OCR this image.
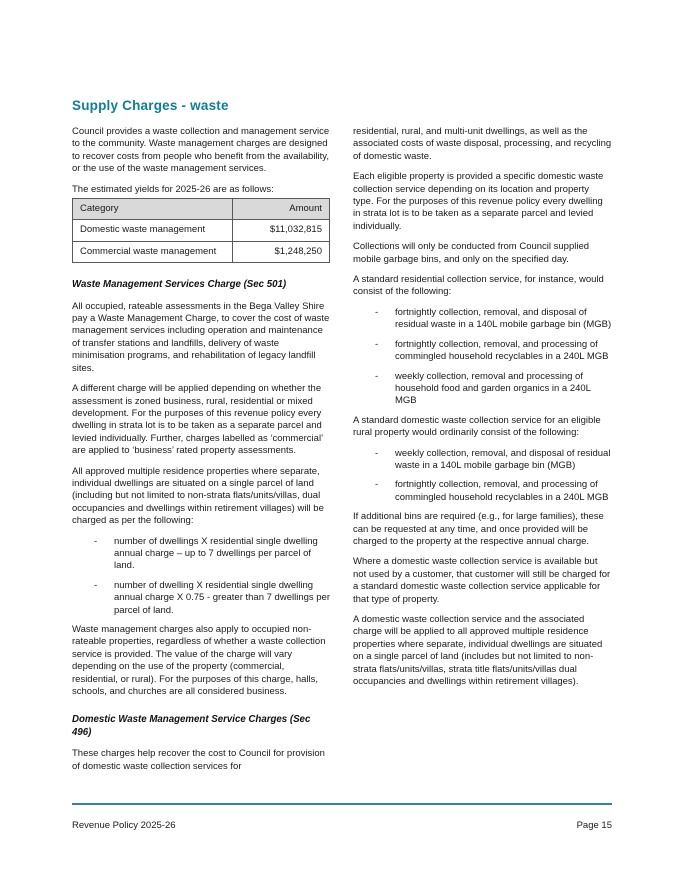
Supply Charges - waste

Council provides a waste collection and management service to the community. Waste management charges are designed to recover costs from people who benefit from the availability, or the use of the waste management services.

The estimated yields for 2025-26 are as follows:

Category	Amount
Domestic waste management	$11,032,815
Commercial waste management	$1,248,250
Waste Management Services Charge (Sec 501)

All occupied, rateable assessments in the Bega Valley Shire pay a Waste Management Charge, to cover the cost of waste management services including operation and maintenance of transfer stations and landfills, delivery of waste minimisation programs, and rehabilitation of legacy landfill sites.

A different charge will be applied depending on whether the assessment is zoned business, rural, residential or mixed development. For the purposes of this revenue policy every dwelling in strata lot is to be taken as a separate parcel and levied individually. Further, charges labelled as ‘commercial’ are applied to ‘business’ rated property assessments.

All approved multiple residence properties where separate, individual dwellings are situated on a single parcel of land (including but not limited to non-strata flats/units/villas, dual occupancies and dwellings within retirement villages) will be charged as per the following:

- number of dwellings X residential single dwelling annual charge – up to 7 dwellings per parcel of land.
- number of dwelling X residential single dwelling annual charge X 0.75 - greater than 7 dwellings per parcel of land.

Waste management charges also apply to occupied non-rateable properties, regardless of whether a waste collection service is provided. The value of the charge will vary depending on the use of the property (commercial, residential, or rural). For the purposes of this charge, halls, schools, and churches are all considered business.

Domestic Waste Management Service Charges (Sec 496)

These charges help recover the cost to Council for provision of domestic waste collection services for

residential, rural, and multi-unit dwellings, as well as the associated costs of waste disposal, processing, and recycling of domestic waste.

Each eligible property is provided a specific domestic waste collection service depending on its location and property type. For the purposes of this revenue policy every dwelling in strata lot is to be taken as a separate parcel and levied individually.

Collections will only be conducted from Council supplied mobile garbage bins, and only on the specified day.

A standard residential collection service, for instance, would consist of the following:

- fortnightly collection, removal, and disposal of residual waste in a 140L mobile garbage bin (MGB)
- fortnightly collection, removal, and processing of commingled household recyclables in a 240L MGB
- weekly collection, removal and processing of household food and garden organics in a 240L MGB

A standard domestic waste collection service for an eligible rural property would ordinarily consist of the following:

- weekly collection, removal, and disposal of residual waste in a 140L mobile garbage bin (MGB)
- fortnightly collection, removal, and processing of commingled household recyclables in a 240L MGB

If additional bins are required (e.g., for large families), these can be requested at any time, and once provided will be charged to the property at the respective annual charge.

Where a domestic waste collection service is available but not used by a customer, that customer will still be charged for a standard domestic waste collection service applicable for that type of property.

A domestic waste collection service and the associated charge will be applied to all approved multiple residence properties where separate, individual dwellings are situated on a single parcel of land (includes but not limited to non-strata flats/units/villas, strata title flats/units/villas dual occupancies and dwellings within retirement villages).

Revenue Policy 2025-26	Page 15
